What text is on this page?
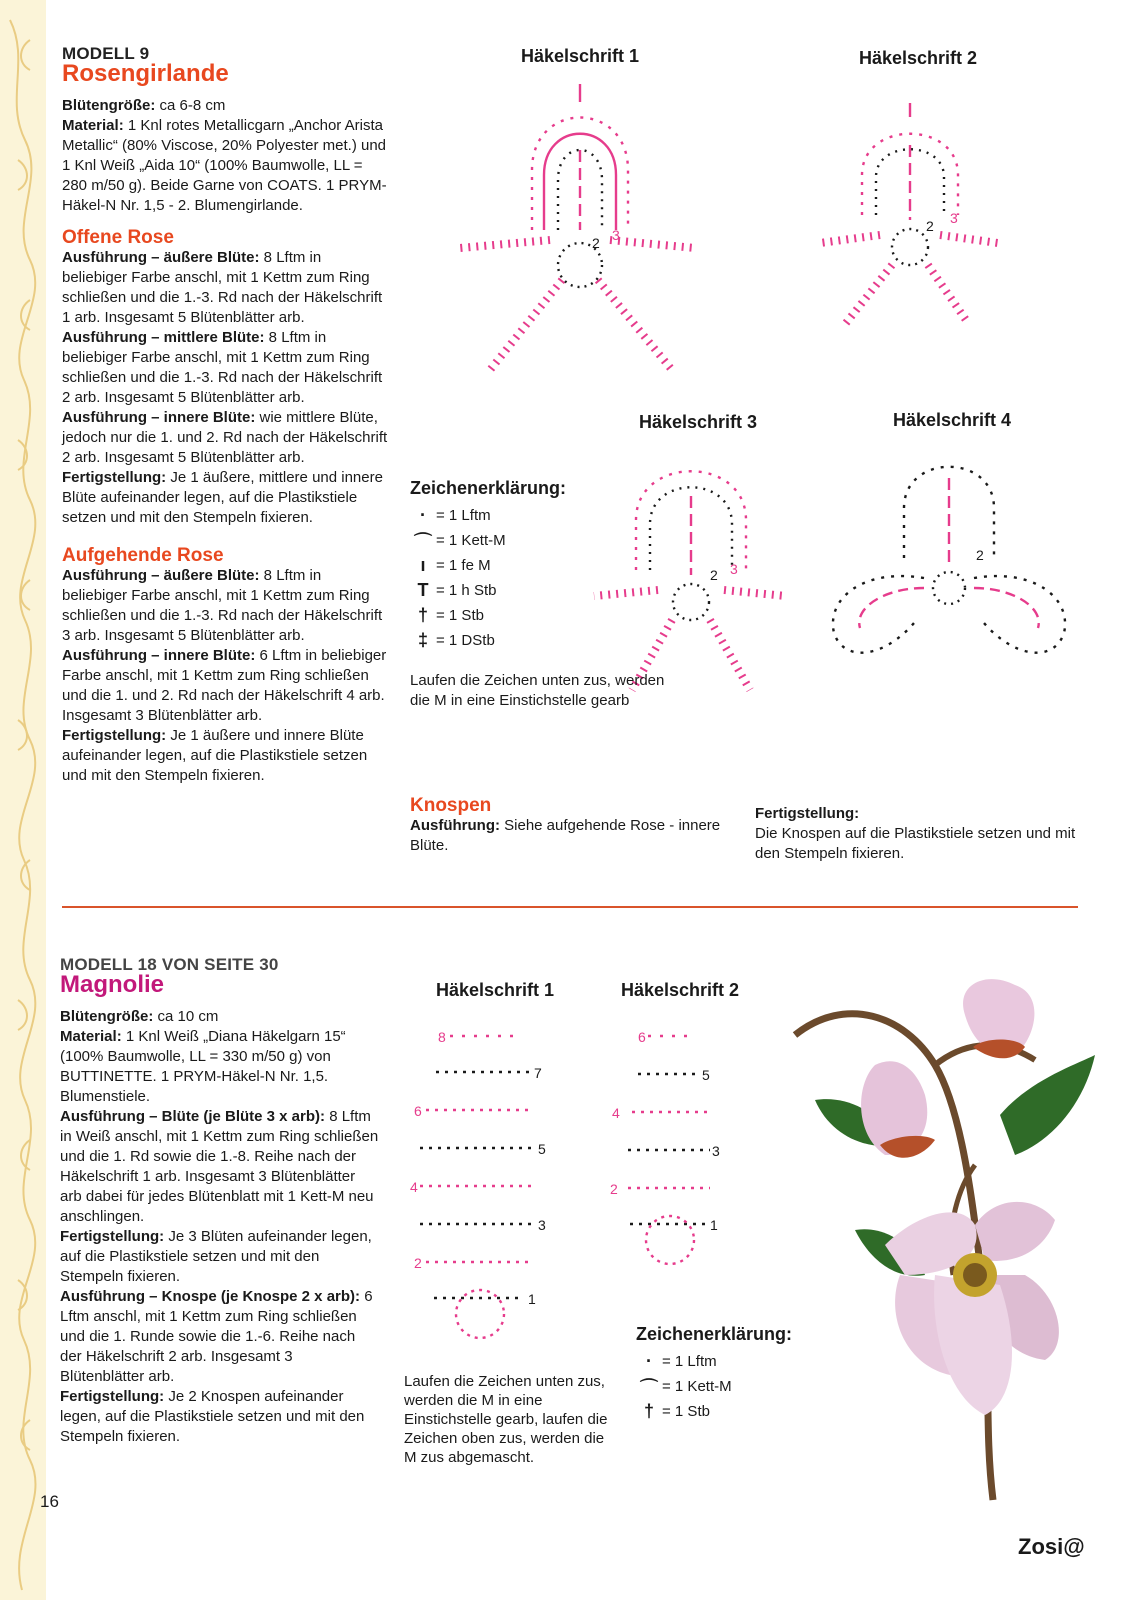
MODELL 9
Rosengirlande

Blütengröße: ca 6-8 cm

Material: 1 Knl rotes Metallicgarn „Anchor Arista Metallic“ (80% Viscose, 20% Polyester met.) und 1 Knl Weiß „Aida 10“ (100% Baumwolle, LL = 280 m/50 g). Beide Garne von COATS. 1 PRYM-Häkel-N Nr. 1,5 - 2. Blumengirlande.

Offene Rose

Ausführung – äußere Blüte: 8 Lftm in beliebiger Farbe anschl, mit 1 Kettm zum Ring schließen und die 1.-3. Rd nach der Häkelschrift 1 arb. Insgesamt 5 Blütenblätter arb.

Ausführung – mittlere Blüte: 8 Lftm in beliebiger Farbe anschl, mit 1 Kettm zum Ring schließen und die 1.-3. Rd nach der Häkelschrift 2 arb. Insgesamt 5 Blütenblätter arb.

Ausführung – innere Blüte: wie mittlere Blüte, jedoch nur die 1. und 2. Rd nach der Häkelschrift 2 arb. Insgesamt 5 Blütenblätter arb.

Fertigstellung: Je 1 äußere, mittlere und innere Blüte aufeinander legen, auf die Plastikstiele setzen und mit den Stempeln fixieren.

Aufgehende Rose

Ausführung – äußere Blüte: 8 Lftm in beliebiger Farbe anschl, mit 1 Kettm zum Ring schließen und die 1.-3. Rd nach der Häkelschrift 3 arb. Insgesamt 5 Blütenblätter arb.

Ausführung – innere Blüte: 6 Lftm in beliebiger Farbe anschl, mit 1 Kettm zum Ring schließen und die 1. und 2. Rd nach der Häkelschrift 4 arb. Insgesamt 3 Blütenblätter arb.

Fertigstellung: Je 1 äußere und innere Blüte aufeinander legen, auf die Plastikstiele setzen und mit den Stempeln fixieren.

Häkelschrift 1	Häkelschrift 2
Häkelschrift 3	Häkelschrift 4
2 3
2 3
2 3
2
Zeichenerklärung:
· = 1 Lftm
⌒ = 1 Kett-M
ı = 1 fe M
T = 1 h Stb
† = 1 Stb
‡ = 1 DStb
Laufen die Zeichen unten zus, werden die M in eine Einstichstelle gearb
Knospen

Ausführung: Siehe aufgehende Rose - innere Blüte.

Fertigstellung:

Die Knospen auf die Plastikstiele setzen und mit den Stempeln fixieren.

MODELL 18 VON SEITE 30
Magnolie

Blütengröße: ca 10 cm

Material: 1 Knl Weiß „Diana Häkelgarn 15“ (100% Baumwolle, LL = 330 m/50 g) von BUTTINETTE. 1 PRYM-Häkel-N Nr. 1,5. Blumenstiele.

Ausführung – Blüte (je Blüte 3 x arb): 8 Lftm in Weiß anschl, mit 1 Kettm zum Ring schließen und die 1. Rd sowie die 1.-8. Reihe nach der Häkelschrift 1 arb. Insgesamt 3 Blütenblätter arb dabei für jedes Blütenblatt mit 1 Kett-M neu anschlingen.

Fertigstellung: Je 3 Blüten aufeinander legen, auf die Plastikstiele setzen und mit den Stempeln fixieren.

Ausführung – Knospe (je Knospe 2 x arb): 6 Lftm anschl, mit 1 Kettm zum Ring schließen und die 1. Runde sowie die 1.-6. Reihe nach der Häkelschrift 2 arb. Insgesamt 3 Blütenblätter arb.

Fertigstellung: Je 2 Knospen aufeinander legen, auf die Plastikstiele setzen und mit den Stempeln fixieren.

Häkelschrift 1	Häkelschrift 2
8
7
6
5
4
3
2
1
6
5
4
3
2
1
Laufen die Zeichen unten zus, werden die M in eine Einstichstelle gearb, laufen die Zeichen oben zus, werden die M zus abgemascht.
Zeichenerklärung:
· = 1 Lftm
⌒ = 1 Kett-M
† = 1 Stb
16
Zosi@
